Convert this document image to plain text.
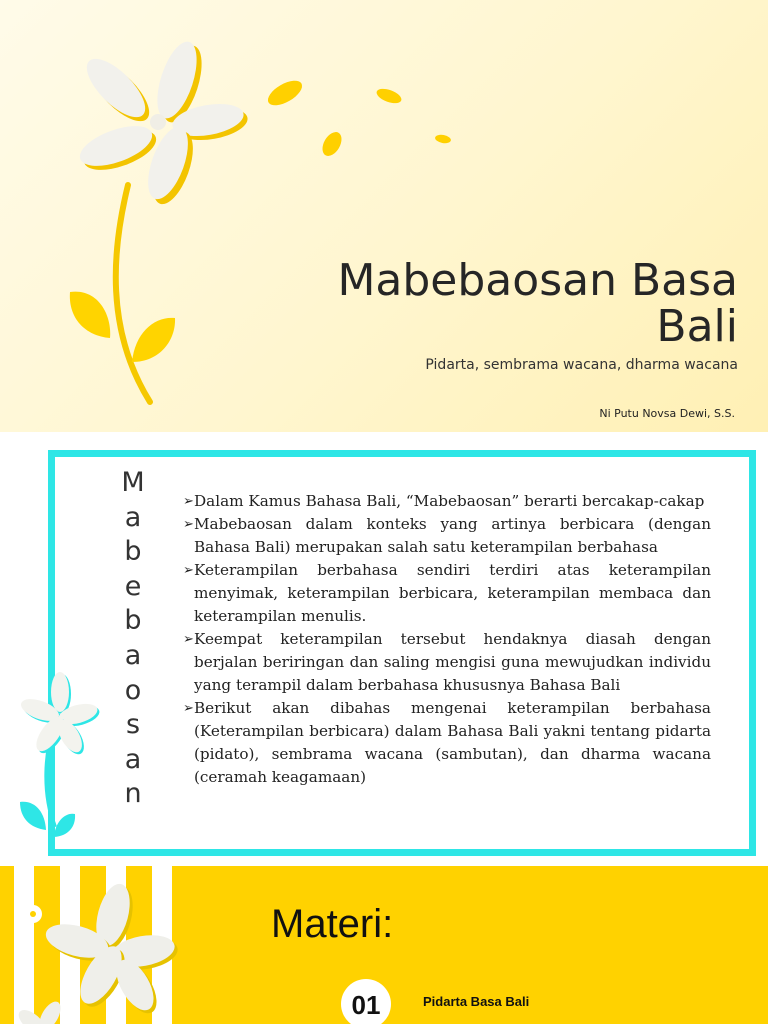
Mabebaosan Basa Bali
Pidarta, sembrama wacana, dharma wacana
Ni Putu Novsa Dewi, S.S.
M
a
b
e
b
a
o
s
a
n
➢ Dalam Kamus Bahasa Bali, “Mabebaosan” berarti bercakap-cakap
➢ Mabebaosan dalam konteks yang artinya berbicara (dengan Bahasa Bali) merupakan salah satu keterampilan berbahasa
➢ Keterampilan berbahasa sendiri terdiri atas keterampilan menyimak, keterampilan berbicara, keterampilan membaca dan keterampilan menulis.
➢ Keempat keterampilan tersebut hendaknya diasah dengan berjalan beriringan dan saling mengisi guna mewujudkan individu yang terampil dalam berbahasa khususnya Bahasa Bali
➢ Berikut akan dibahas mengenai keterampilan berbahasa (Keterampilan berbicara) dalam Bahasa Bali yakni tentang pidarta (pidato), sembrama wacana (sambutan), dan dharma wacana (ceramah keagamaan)
Materi:
01	Pidarta Basa Bali
